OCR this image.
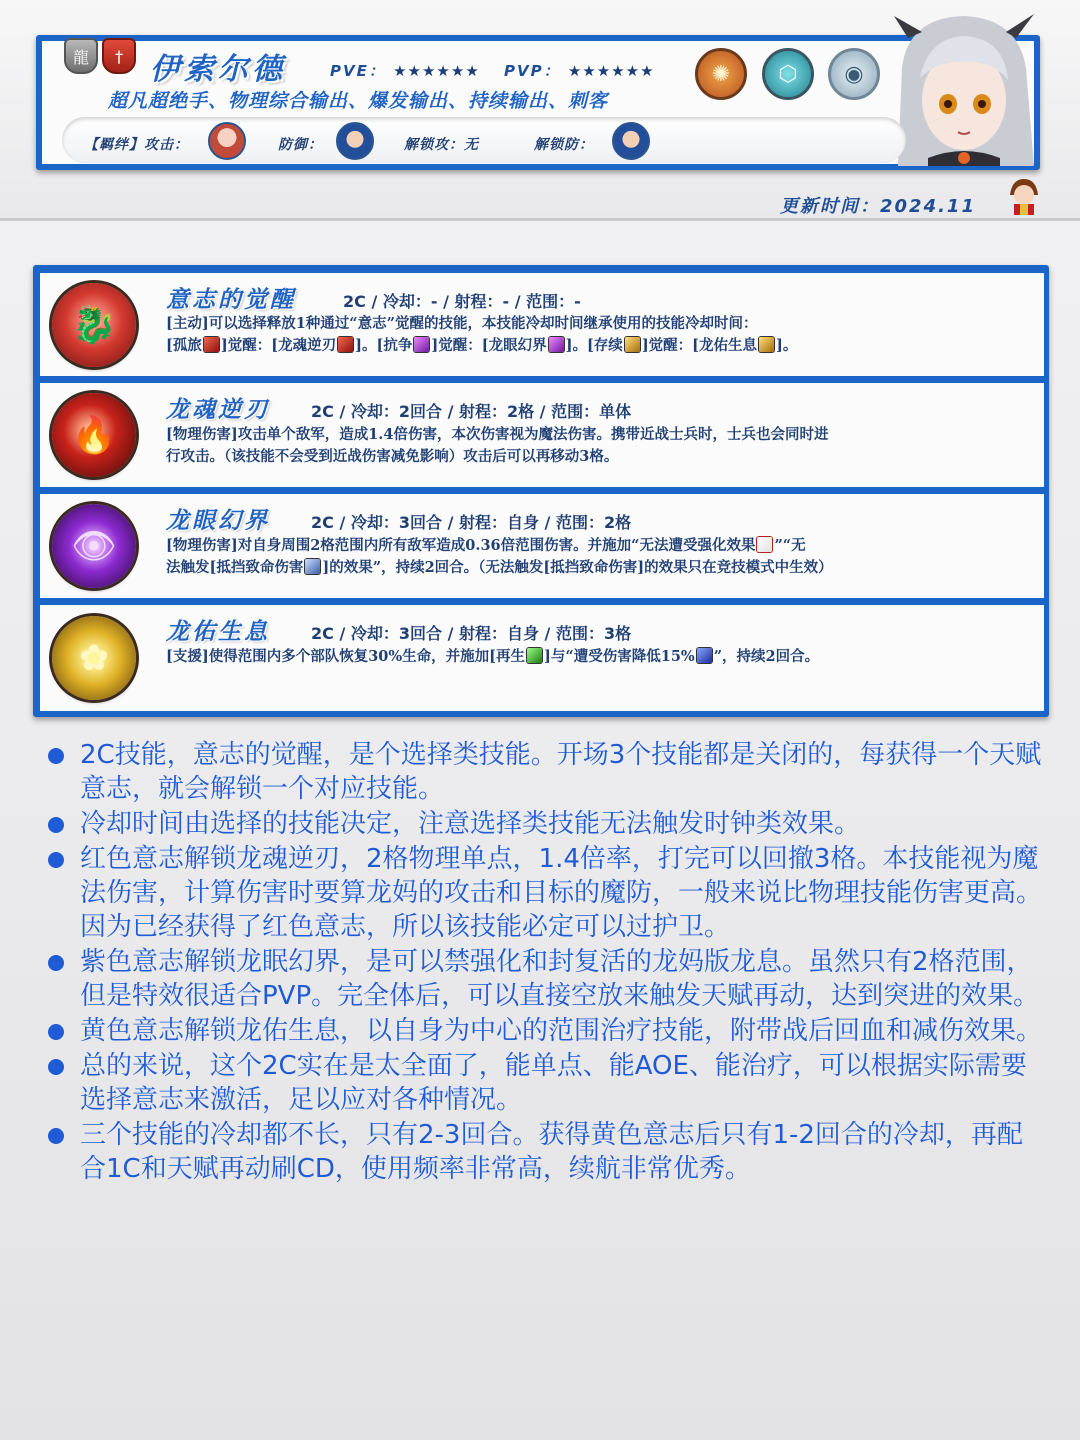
龍	† 伊索尔德	PVE： ★★★★★★ PVP： ★★★★★★
超凡超绝手、物理综合输出、爆发输出、持续输出、刺客
✺	⬡	◉
【羁绊】攻击：	防御：	解锁攻：无	解锁防：
更新时间：2024.11
🐉
意志的觉醒	2C / 冷却：- / 射程：- / 范围：-
[主动]可以选择释放1种通过“意志”觉醒的技能，本技能冷却时间继承使用的技能冷却时间：
[孤旅 ]觉醒：[龙魂逆刃 ]。[抗争 ]觉醒：[龙眼幻界 ]。[存续 ]觉醒：[龙佑生息 ]。
🔥
龙魂逆刃	2C / 冷却：2回合 / 射程：2格 / 范围：单体
[物理伤害]攻击单个敌军，造成1.4倍伤害，本次伤害视为魔法伤害。携带近战士兵时，士兵也会同时进
行攻击。（该技能不会受到近战伤害减免影响）攻击后可以再移动3格。
👁
龙眼幻界	2C / 冷却：3回合 / 射程：自身 / 范围：2格
[物理伤害]对自身周围2格范围内所有敌军造成0.36倍范围伤害。并施加“无法遭受强化效果 ”“无
法触发[抵挡致命伤害 ]的效果”，持续2回合。（无法触发[抵挡致命伤害]的效果只在竞技模式中生效）
✿
龙佑生息	2C / 冷却：3回合 / 射程：自身 / 范围：3格
[支援]使得范围内多个部队恢复30%生命，并施加[再生 ]与“遭受伤害降低15% ”，持续2回合。
2C技能，意志的觉醒，是个选择类技能。开场3个技能都是关闭的，每获得一个天赋意志，就会解锁一个对应技能。
冷却时间由选择的技能决定，注意选择类技能无法触发时钟类效果。
红色意志解锁龙魂逆刃，2格物理单点，1.4倍率，打完可以回撤3格。本技能视为魔法伤害，计算伤害时要算龙妈的攻击和目标的魔防，一般来说比物理技能伤害更高。因为已经获得了红色意志，所以该技能必定可以过护卫。
紫色意志解锁龙眠幻界，是可以禁强化和封复活的龙妈版龙息。虽然只有2格范围，但是特效很适合PVP。完全体后，可以直接空放来触发天赋再动，达到突进的效果。
黄色意志解锁龙佑生息，以自身为中心的范围治疗技能，附带战后回血和减伤效果。
总的来说，这个2C实在是太全面了，能单点、能AOE、能治疗，可以根据实际需要选择意志来激活，足以应对各种情况。
三个技能的冷却都不长，只有2-3回合。获得黄色意志后只有1-2回合的冷却，再配合1C和天赋再动刷CD，使用频率非常高，续航非常优秀。
